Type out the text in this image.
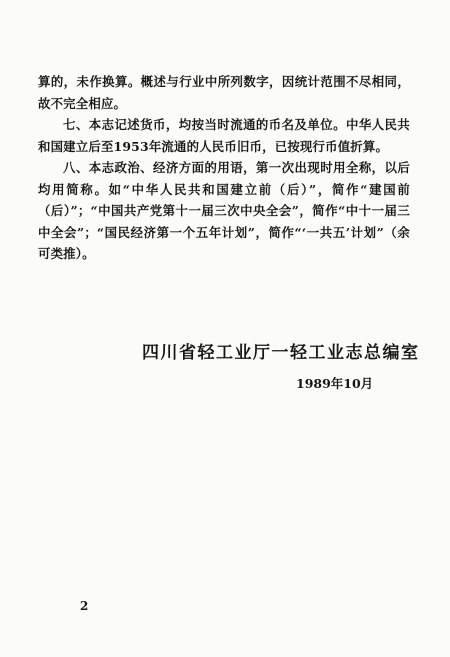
算的，未作换算。概述与行业中所列数字，因统计范围不尽相同，故不完全相应。

七、本志记述货币，均按当时流通的币名及单位。中华人民共和国建立后至1953年流通的人民币旧币，已按现行币值折算。

八、本志政治、经济方面的用语，第一次出现时用全称，以后均用简称。如“中华人民共和国建立前（后）”，简作“建国前（后）”；“中国共产党第十一届三次中央全会”，简作“中十一届三中全会”；“国民经济第一个五年计划”，简作“‘一共五’计划”（余可类推）。

四川省轻工业厅一轻工业志总编室

1989年10月

2
